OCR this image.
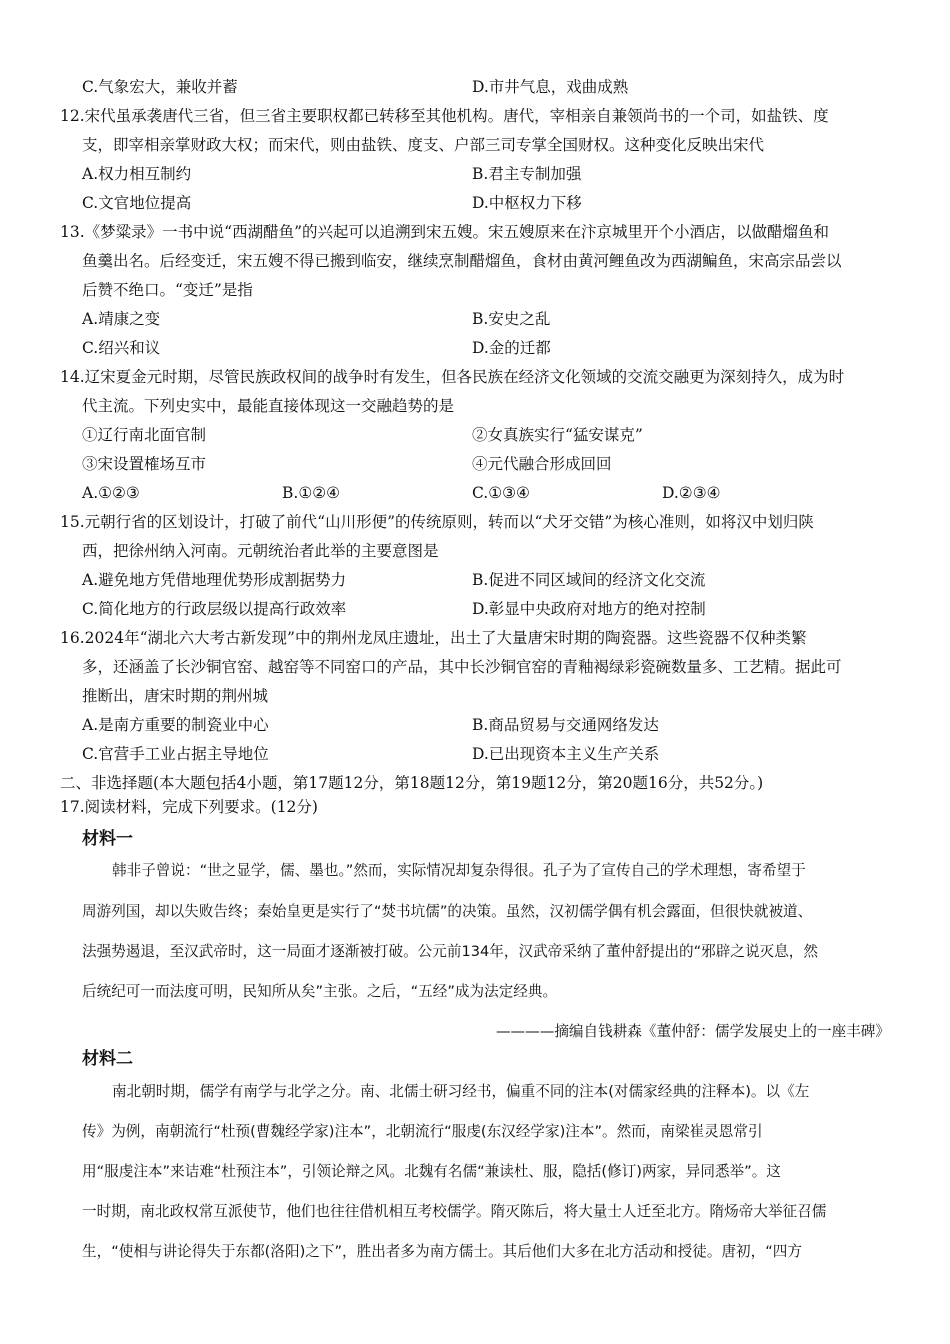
C.气象宏大，兼收并蓄	D.市井气息，戏曲成熟
12.宋代虽承袭唐代三省，但三省主要职权都已转移至其他机构。唐代，宰相亲自兼领尚书的一个司，如盐铁、度
支，即宰相亲掌财政大权；而宋代，则由盐铁、度支、户部三司专掌全国财权。这种变化反映出宋代
A.权力相互制约	B.君主专制加强
C.文官地位提高	D.中枢权力下移
13.《梦粱录》一书中说“西湖醋鱼”的兴起可以追溯到宋五嫂。宋五嫂原来在汴京城里开个小酒店，以做醋熘鱼和
鱼羹出名。后经变迁，宋五嫂不得已搬到临安，继续烹制醋熘鱼，食材由黄河鲤鱼改为西湖鳊鱼，宋高宗品尝以
后赞不绝口。“变迁”是指
A.靖康之变	B.安史之乱
C.绍兴和议	D.金的迁都
14.辽宋夏金元时期，尽管民族政权间的战争时有发生，但各民族在经济文化领域的交流交融更为深刻持久，成为时
代主流。下列史实中，最能直接体现这一交融趋势的是
①辽行南北面官制	②女真族实行“猛安谋克”
③宋设置榷场互市	④元代融合形成回回
A.①②③	B.①②④	C.①③④	D.②③④
15.元朝行省的区划设计，打破了前代“山川形便”的传统原则，转而以“犬牙交错”为核心准则，如将汉中划归陕
西，把徐州纳入河南。元朝统治者此举的主要意图是
A.避免地方凭借地理优势形成割据势力	B.促进不同区域间的经济文化交流
C.简化地方的行政层级以提高行政效率	D.彰显中央政府对地方的绝对控制
16.2024年“湖北六大考古新发现”中的荆州龙凤庄遗址，出土了大量唐宋时期的陶瓷器。这些瓷器不仅种类繁
多，还涵盖了长沙铜官窑、越窑等不同窑口的产品，其中长沙铜官窑的青釉褐绿彩瓷碗数量多、工艺精。据此可
推断出，唐宋时期的荆州城
A.是南方重要的制瓷业中心	B.商品贸易与交通网络发达
C.官营手工业占据主导地位	D.已出现资本主义生产关系
二、非选择题(本大题包括4小题，第17题12分，第18题12分，第19题12分，第20题16分，共52分。)
17.阅读材料，完成下列要求。(12分)
材料一
韩非子曾说：“世之显学，儒、墨也。”然而，实际情况却复杂得很。孔子为了宣传自己的学术理想，寄希望于
周游列国，却以失败告终；秦始皇更是实行了“焚书坑儒”的决策。虽然，汉初儒学偶有机会露面，但很快就被道、
法强势遏退，至汉武帝时，这一局面才逐渐被打破。公元前134年，汉武帝采纳了董仲舒提出的“邪辟之说灭息，然
后统纪可一而法度可明，民知所从矣”主张。之后，“五经”成为法定经典。
————摘编自钱耕森《董仲舒：儒学发展史上的一座丰碑》
材料二
南北朝时期，儒学有南学与北学之分。南、北儒士研习经书，偏重不同的注本(对儒家经典的注释本)。以《左
传》为例，南朝流行“杜预(曹魏经学家)注本”，北朝流行“服虔(东汉经学家)注本”。然而，南梁崔灵恩常引
用“服虔注本”来诘难“杜预注本”，引领论辩之风。北魏有名儒“兼读杜、服，隐括(修订)两家，异同悉举”。这
一时期，南北政权常互派使节，他们也往往借机相互考校儒学。隋灭陈后，将大量士人迁至北方。隋炀帝大举征召儒
生，“使相与讲论得失于东都(洛阳)之下”，胜出者多为南方儒士。其后他们大多在北方活动和授徒。唐初，“四方
